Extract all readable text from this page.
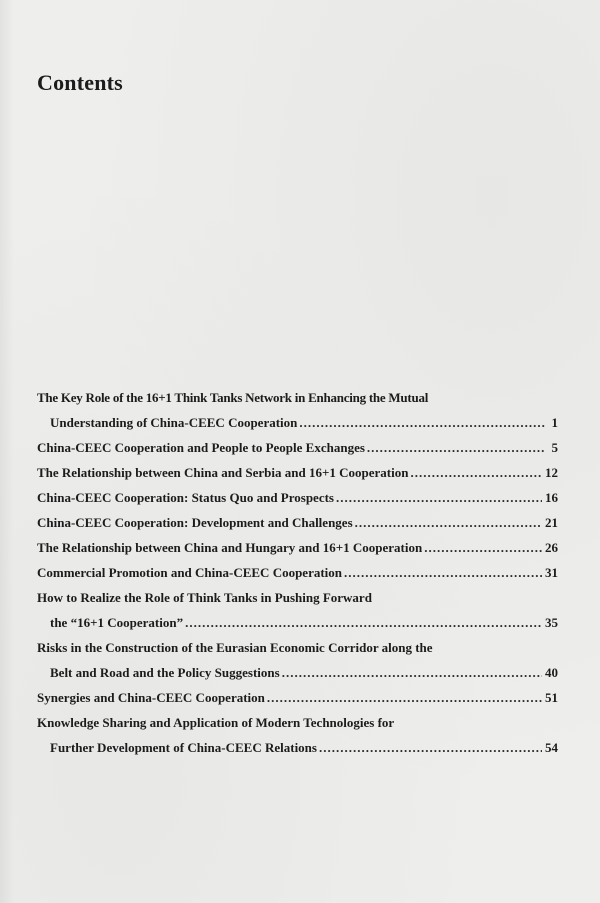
Contents
The Key Role of the 16+1 Think Tanks Network in Enhancing the Mutual
Understanding of China-CEEC Cooperation .....	1
China-CEEC Cooperation and People to People Exchanges .....	5
The Relationship between China and Serbia and 16+1 Cooperation .....	12
China-CEEC Cooperation: Status Quo and Prospects .....	16
China-CEEC Cooperation: Development and Challenges .....	21
The Relationship between China and Hungary and 16+1 Cooperation .....	26
Commercial Promotion and China-CEEC Cooperation .....	31
How to Realize the Role of Think Tanks in Pushing Forward
the “16+1 Cooperation” .....	35
Risks in the Construction of the Eurasian Economic Corridor along the
Belt and Road and the Policy Suggestions .....	40
Synergies and China-CEEC Cooperation .....	51
Knowledge Sharing and Application of Modern Technologies for
Further Development of China-CEEC Relations .....	54
